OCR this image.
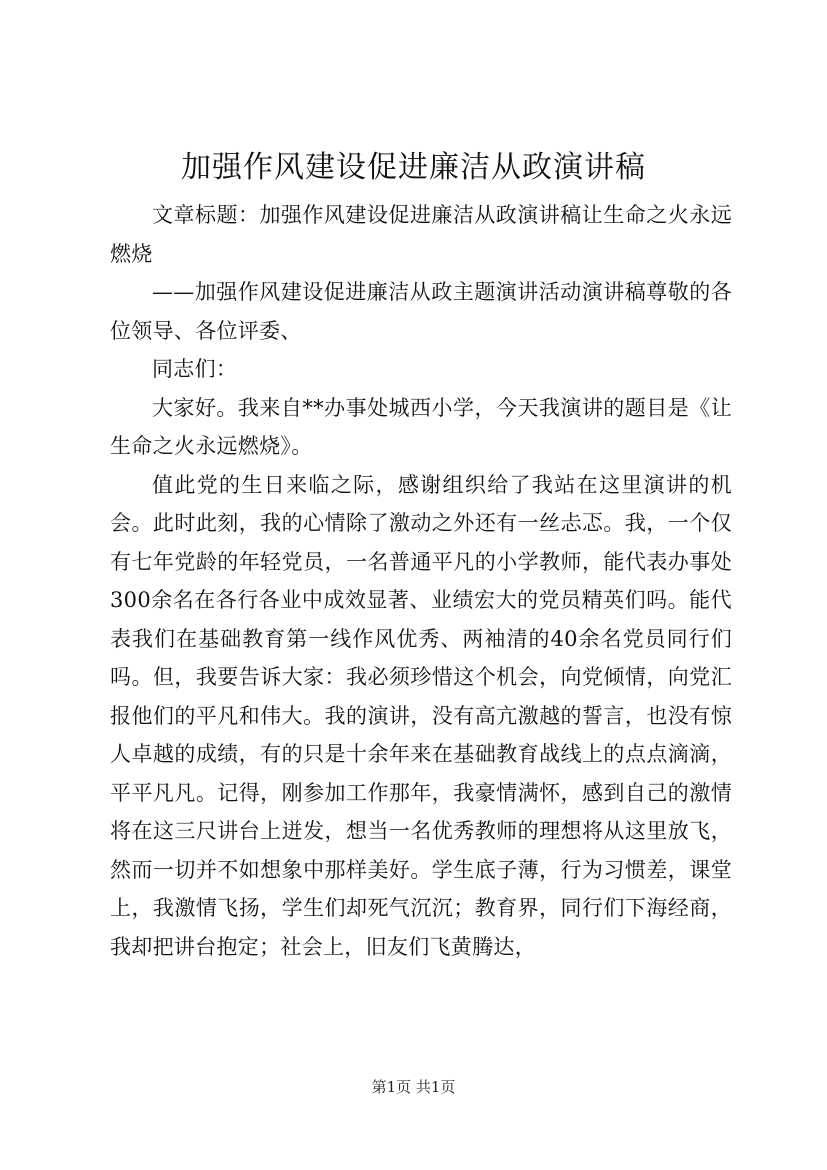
加强作风建设促进廉洁从政演讲稿

文章标题：加强作风建设促进廉洁从政演讲稿让生命之火永远燃烧

——加强作风建设促进廉洁从政主题演讲活动演讲稿尊敬的各位领导、各位评委、

同志们：

大家好。我来自**办事处城西小学，今天我演讲的题目是《让生命之火永远燃烧》。

值此党的生日来临之际，感谢组织给了我站在这里演讲的机会。此时此刻，我的心情除了激动之外还有一丝忐忑。我，一个仅有七年党龄的年轻党员，一名普通平凡的小学教师，能代表办事处300余名在各行各业中成效显著、业绩宏大的党员精英们吗。能代表我们在基础教育第一线作风优秀、两袖清的40余名党员同行们吗。但，我要告诉大家：我必须珍惜这个机会，向党倾情，向党汇报他们的平凡和伟大。我的演讲，没有高亢激越的誓言，也没有惊人卓越的成绩，有的只是十余年来在基础教育战线上的点点滴滴，平平凡凡。记得，刚参加工作那年，我豪情满怀，感到自己的激情将在这三尺讲台上迸发，想当一名优秀教师的理想将从这里放飞，然而一切并不如想象中那样美好。学生底子薄，行为习惯差，课堂上，我激情飞扬，学生们却死气沉沉；教育界，同行们下海经商，我却把讲台抱定；社会上，旧友们飞黄腾达，

第1页 共1页
